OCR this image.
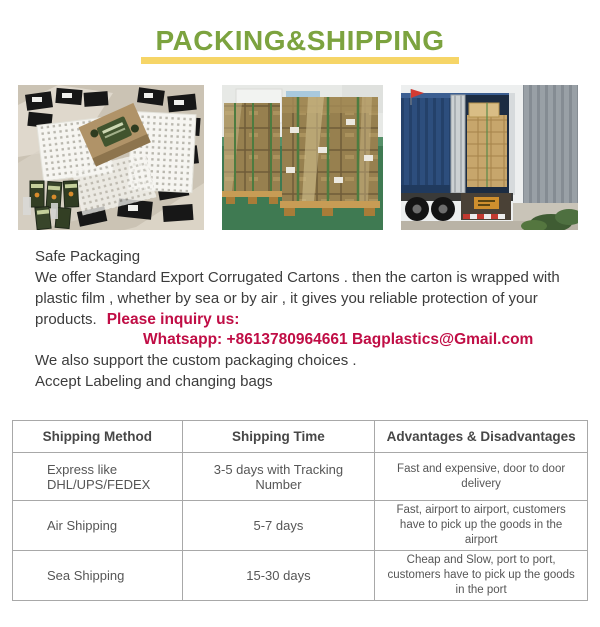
PACKING&SHIPPING
Safe Packaging
We offer Standard Export Corrugated Cartons . then the carton is wrapped with plastic film , whether by sea or by air , it gives you reliable protection of your products. Please inquiry us:
Whatsapp: +8613780964661 Bagplastics@Gmail.com
We also support the custom packaging choices .
Accept Labeling and changing bags
Shipping Method	Shipping Time	Advantages & Disadvantages
Express like DHL/UPS/FEDEX	3-5 days with Tracking Number	Fast and expensive, door to door delivery
Air Shipping	5-7 days	Fast, airport to airport, customers have to pick up the goods in the airport
Sea Shipping	15-30 days	Cheap and Slow, port to port, customers have to pick up the goods in the port
